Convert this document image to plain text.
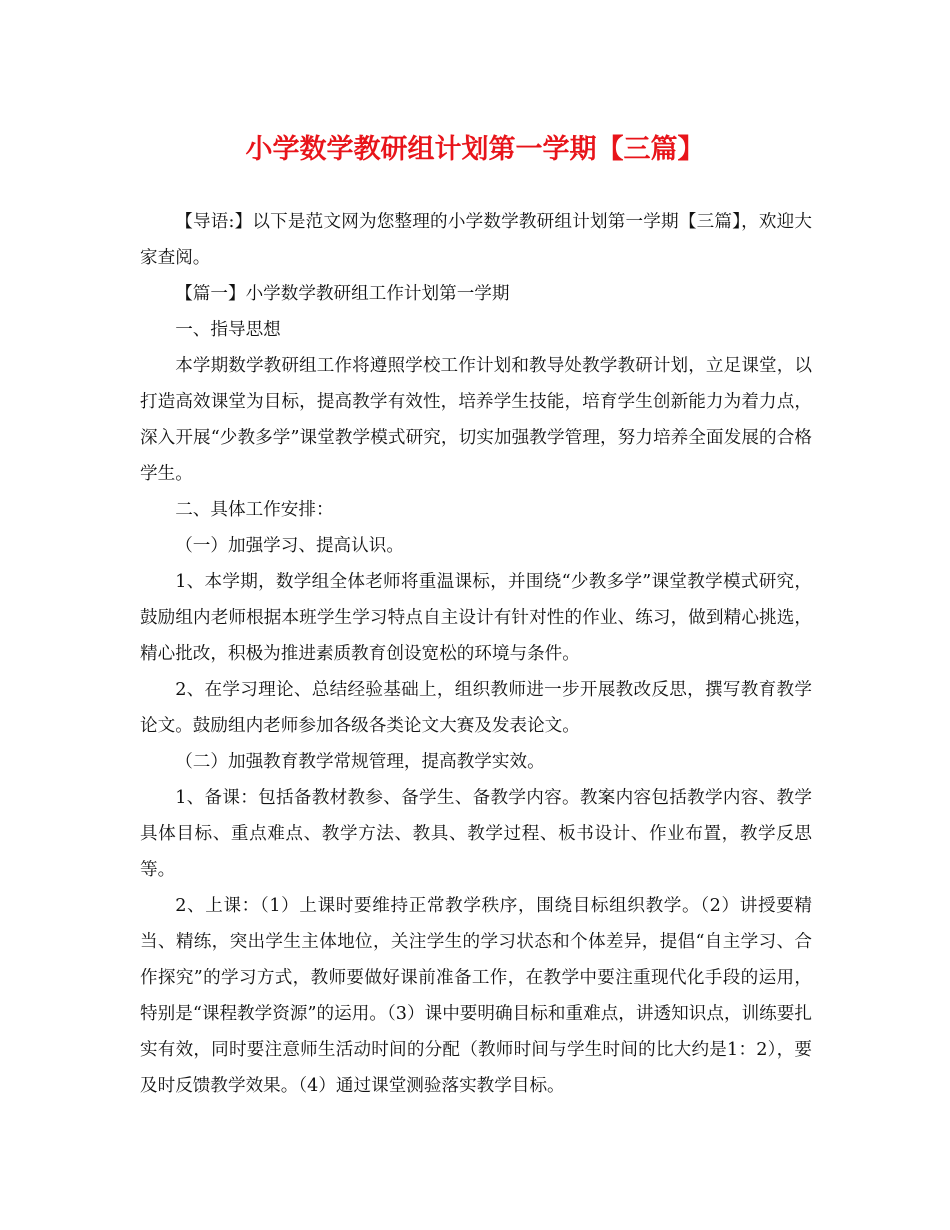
小学数学教研组计划第一学期【三篇】

【导语:】以下是范文网为您整理的小学数学教研组计划第一学期【三篇】，欢迎大家查阅。

【篇一】小学数学教研组工作计划第一学期

一、指导思想

本学期数学教研组工作将遵照学校工作计划和教导处教学教研计划，立足课堂，以打造高效课堂为目标，提高教学有效性，培养学生技能，培育学生创新能力为着力点，深入开展“少教多学”课堂教学模式研究，切实加强教学管理，努力培养全面发展的合格学生。

二、具体工作安排：

（一）加强学习、提高认识。

1、本学期，数学组全体老师将重温课标，并围绕“少教多学”课堂教学模式研究，鼓励组内老师根据本班学生学习特点自主设计有针对性的作业、练习，做到精心挑选，精心批改，积极为推进素质教育创设宽松的环境与条件。

2、在学习理论、总结经验基础上，组织教师进一步开展教改反思，撰写教育教学论文。鼓励组内老师参加各级各类论文大赛及发表论文。

（二）加强教育教学常规管理，提高教学实效。

1、备课：包括备教材教参、备学生、备教学内容。教案内容包括教学内容、教学具体目标、重点难点、教学方法、教具、教学过程、板书设计、作业布置，教学反思等。

2、上课：（1）上课时要维持正常教学秩序，围绕目标组织教学。（2）讲授要精当、精练，突出学生主体地位，关注学生的学习状态和个体差异，提倡“自主学习、合作探究”的学习方式，教师要做好课前准备工作，在教学中要注重现代化手段的运用，特别是“课程教学资源”的运用。（3）课中要明确目标和重难点，讲透知识点，训练要扎实有效，同时要注意师生活动时间的分配（教师时间与学生时间的比大约是1：2），要及时反馈教学效果。（4）通过课堂测验落实教学目标。
